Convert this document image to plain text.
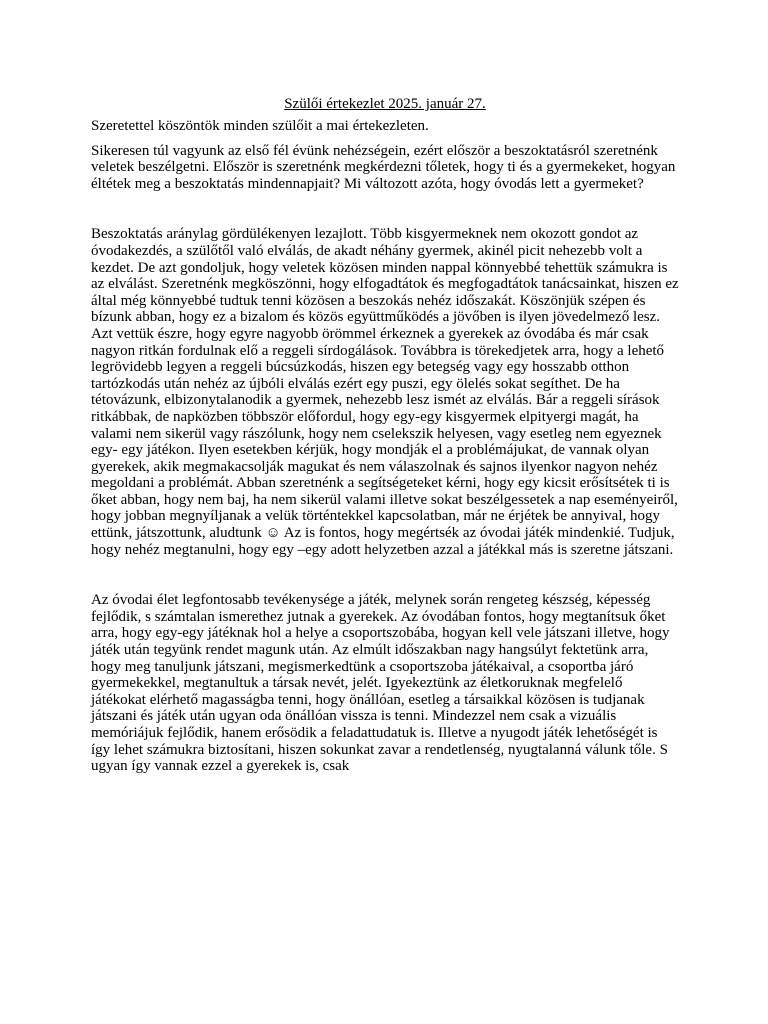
Szülői értekezlet 2025. január 27.

Szeretettel köszöntök minden szülőit a mai értekezleten.

Sikeresen túl vagyunk az első fél évünk nehézségein, ezért először a beszoktatásról szeretnénk veletek beszélgetni. Először is szeretnénk megkérdezni tőletek, hogy ti és a gyermekeket, hogyan éltétek meg a beszoktatás mindennapjait? Mi változott azóta, hogy óvodás lett a gyermeket?

Beszoktatás aránylag gördülékenyen lezajlott. Több kisgyermeknek nem okozott gondot az óvodakezdés, a szülőtől való elválás, de akadt néhány gyermek, akinél picit nehezebb volt a kezdet. De azt gondoljuk, hogy veletek közösen minden nappal könnyebbé tehettük számukra is az elválást. Szeretnénk megköszönni, hogy elfogadtátok és megfogadtátok tanácsainkat, hiszen ez által még könnyebbé tudtuk tenni közösen a beszokás nehéz időszakát. Köszönjük szépen és bízunk abban, hogy ez a bizalom és közös együttműködés a jövőben is ilyen jövedelmező lesz. Azt vettük észre, hogy egyre nagyobb örömmel érkeznek a gyerekek az óvodába és már csak nagyon ritkán fordulnak elő a reggeli sírdogálások. Továbbra is törekedjetek arra, hogy a lehető legrövidebb legyen a reggeli búcsúzkodás, hiszen egy betegség vagy egy hosszabb otthon tartózkodás után nehéz az újbóli elválás ezért egy puszi, egy ölelés sokat segíthet. De ha tétovázunk, elbizonytalanodik a gyermek, nehezebb lesz ismét az elválás. Bár a reggeli sírások ritkábbak, de napközben többször előfordul, hogy egy-egy kisgyermek elpityergi magát, ha valami nem sikerül vagy rászólunk, hogy nem cselekszik helyesen, vagy esetleg nem egyeznek egy- egy játékon. Ilyen esetekben kérjük, hogy mondják el a problémájukat, de vannak olyan gyerekek, akik megmakacsolják magukat és nem válaszolnak és sajnos ilyenkor nagyon nehéz megoldani a problémát. Abban szeretnénk a segítségeteket kérni, hogy egy kicsit erősítsétek ti is őket abban, hogy nem baj, ha nem sikerül valami illetve sokat beszélgessetek a nap eseményeiről, hogy jobban megnyíljanak a velük történtekkel kapcsolatban, már ne érjétek be annyival, hogy ettünk, játszottunk, aludtunk ☺ Az is fontos, hogy megértsék az óvodai játék mindenkié. Tudjuk, hogy nehéz megtanulni, hogy egy –egy adott helyzetben azzal a játékkal más is szeretne játszani.

Az óvodai élet legfontosabb tevékenysége a játék, melynek során rengeteg készség, képesség fejlődik, s számtalan ismerethez jutnak a gyerekek. Az óvodában fontos, hogy megtanítsuk őket arra, hogy egy-egy játéknak hol a helye a csoportszobába, hogyan kell vele játszani illetve, hogy játék után tegyünk rendet magunk után. Az elmúlt időszakban nagy hangsúlyt fektetünk arra, hogy meg tanuljunk játszani, megismerkedtünk a csoportszoba játékaival, a csoportba járó gyermekekkel, megtanultuk a társak nevét, jelét. Igyekeztünk az életkoruknak megfelelő játékokat elérhető magasságba tenni, hogy önállóan, esetleg a társaikkal közösen is tudjanak játszani és játék után ugyan oda önállóan vissza is tenni. Mindezzel nem csak a vizuális memóriájuk fejlődik, hanem erősödik a feladattudatuk is. Illetve a nyugodt játék lehetőségét is így lehet számukra biztosítani, hiszen sokunkat zavar a rendetlenség, nyugtalanná válunk tőle. S ugyan így vannak ezzel a gyerekek is, csak
